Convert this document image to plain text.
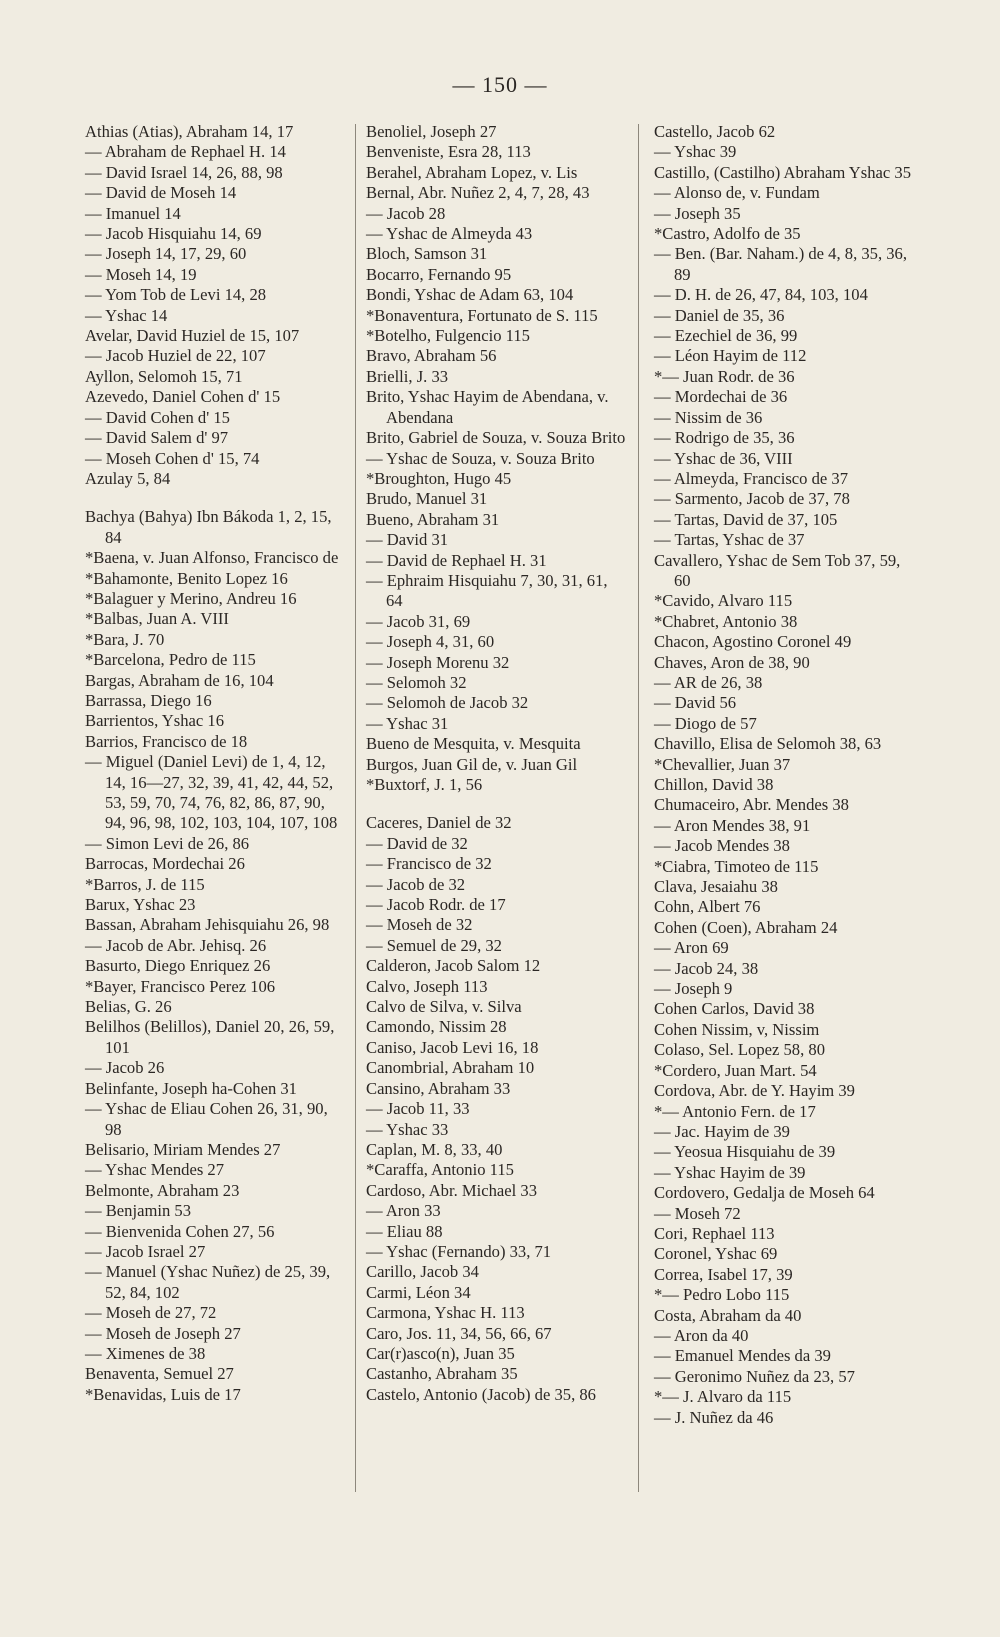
— 150 —

Athias (Atias), Abraham 14, 17

— Abraham de Rephael H. 14

— David Israel 14, 26, 88, 98

— David de Moseh 14

— Imanuel 14

— Jacob Hisquiahu 14, 69

— Joseph 14, 17, 29, 60

— Moseh 14, 19

— Yom Tob de Levi 14, 28

— Yshac 14

Avelar, David Huziel de 15, 107

— Jacob Huziel de 22, 107

Ayllon, Selomoh 15, 71

Azevedo, Daniel Cohen d' 15

— David Cohen d' 15

— David Salem d' 97

— Moseh Cohen d' 15, 74

Azulay 5, 84

Bachya (Bahya) Ibn Bákoda 1, 2, 15, 84

*Baena, v. Juan Alfonso, Francisco de

*Bahamonte, Benito Lopez 16

*Balaguer y Merino, Andreu 16

*Balbas, Juan A. VIII

*Bara, J. 70

*Barcelona, Pedro de 115

Bargas, Abraham de 16, 104

Barrassa, Diego 16

Barrientos, Yshac 16

Barrios, Francisco de 18

— Miguel (Daniel Levi) de 1, 4, 12, 14, 16—27, 32, 39, 41, 42, 44, 52, 53, 59, 70, 74, 76, 82, 86, 87, 90, 94, 96, 98, 102, 103, 104, 107, 108

— Simon Levi de 26, 86

Barrocas, Mordechai 26

*Barros, J. de 115

Barux, Yshac 23

Bassan, Abraham Jehisquiahu 26, 98

— Jacob de Abr. Jehisq. 26

Basurto, Diego Enriquez 26

*Bayer, Francisco Perez 106

Belias, G. 26

Belilhos (Belillos), Daniel 20, 26, 59, 101

— Jacob 26

Belinfante, Joseph ha-Cohen 31

— Yshac de Eliau Cohen 26, 31, 90, 98

Belisario, Miriam Mendes 27

— Yshac Mendes 27

Belmonte, Abraham 23

— Benjamin 53

— Bienvenida Cohen 27, 56

— Jacob Israel 27

— Manuel (Yshac Nuñez) de 25, 39, 52, 84, 102

— Moseh de 27, 72

— Moseh de Joseph 27

— Ximenes de 38

Benaventa, Semuel 27

*Benavidas, Luis de 17

Benoliel, Joseph 27

Benveniste, Esra 28, 113

Berahel, Abraham Lopez, v. Lis

Bernal, Abr. Nuñez 2, 4, 7, 28, 43

— Jacob 28

— Yshac de Almeyda 43

Bloch, Samson 31

Bocarro, Fernando 95

Bondi, Yshac de Adam 63, 104

*Bonaventura, Fortunato de S. 115

*Botelho, Fulgencio 115

Bravo, Abraham 56

Brielli, J. 33

Brito, Yshac Hayim de Abendana, v. Abendana

Brito, Gabriel de Souza, v. Souza Brito

— Yshac de Souza, v. Souza Brito

*Broughton, Hugo 45

Brudo, Manuel 31

Bueno, Abraham 31

— David 31

— David de Rephael H. 31

— Ephraim Hisquiahu 7, 30, 31, 61, 64

— Jacob 31, 69

— Joseph 4, 31, 60

— Joseph Morenu 32

— Selomoh 32

— Selomoh de Jacob 32

— Yshac 31

Bueno de Mesquita, v. Mesquita

Burgos, Juan Gil de, v. Juan Gil

*Buxtorf, J. 1, 56

Caceres, Daniel de 32

— David de 32

— Francisco de 32

— Jacob de 32

— Jacob Rodr. de 17

— Moseh de 32

— Semuel de 29, 32

Calderon, Jacob Salom 12

Calvo, Joseph 113

Calvo de Silva, v. Silva

Camondo, Nissim 28

Caniso, Jacob Levi 16, 18

Canombrial, Abraham 10

Cansino, Abraham 33

— Jacob 11, 33

— Yshac 33

Caplan, M. 8, 33, 40

*Caraffa, Antonio 115

Cardoso, Abr. Michael 33

— Aron 33

— Eliau 88

— Yshac (Fernando) 33, 71

Carillo, Jacob 34

Carmi, Léon 34

Carmona, Yshac H. 113

Caro, Jos. 11, 34, 56, 66, 67

Car(r)asco(n), Juan 35

Castanho, Abraham 35

Castelo, Antonio (Jacob) de 35, 86

Castello, Jacob 62

— Yshac 39

Castillo, (Castilho) Abraham Yshac 35

— Alonso de, v. Fundam

— Joseph 35

*Castro, Adolfo de 35

— Ben. (Bar. Naham.) de 4, 8, 35, 36, 89

— D. H. de 26, 47, 84, 103, 104

— Daniel de 35, 36

— Ezechiel de 36, 99

— Léon Hayim de 112

*— Juan Rodr. de 36

— Mordechai de 36

— Nissim de 36

— Rodrigo de 35, 36

— Yshac de 36, VIII

— Almeyda, Francisco de 37

— Sarmento, Jacob de 37, 78

— Tartas, David de 37, 105

— Tartas, Yshac de 37

Cavallero, Yshac de Sem Tob 37, 59, 60

*Cavido, Alvaro 115

*Chabret, Antonio 38

Chacon, Agostino Coronel 49

Chaves, Aron de 38, 90

— AR de 26, 38

— David 56

— Diogo de 57

Chavillo, Elisa de Selomoh 38, 63

*Chevallier, Juan 37

Chillon, David 38

Chumaceiro, Abr. Mendes 38

— Aron Mendes 38, 91

— Jacob Mendes 38

*Ciabra, Timoteo de 115

Clava, Jesaiahu 38

Cohn, Albert 76

Cohen (Coen), Abraham 24

— Aron 69

— Jacob 24, 38

— Joseph 9

Cohen Carlos, David 38

Cohen Nissim, v, Nissim

Colaso, Sel. Lopez 58, 80

*Cordero, Juan Mart. 54

Cordova, Abr. de Y. Hayim 39

*— Antonio Fern. de 17

— Jac. Hayim de 39

— Yeosua Hisquiahu de 39

— Yshac Hayim de 39

Cordovero, Gedalja de Moseh 64

— Moseh 72

Cori, Rephael 113

Coronel, Yshac 69

Correa, Isabel 17, 39

*— Pedro Lobo 115

Costa, Abraham da 40

— Aron da 40

— Emanuel Mendes da 39

— Geronimo Nuñez da 23, 57

*— J. Alvaro da 115

— J. Nuñez da 46
